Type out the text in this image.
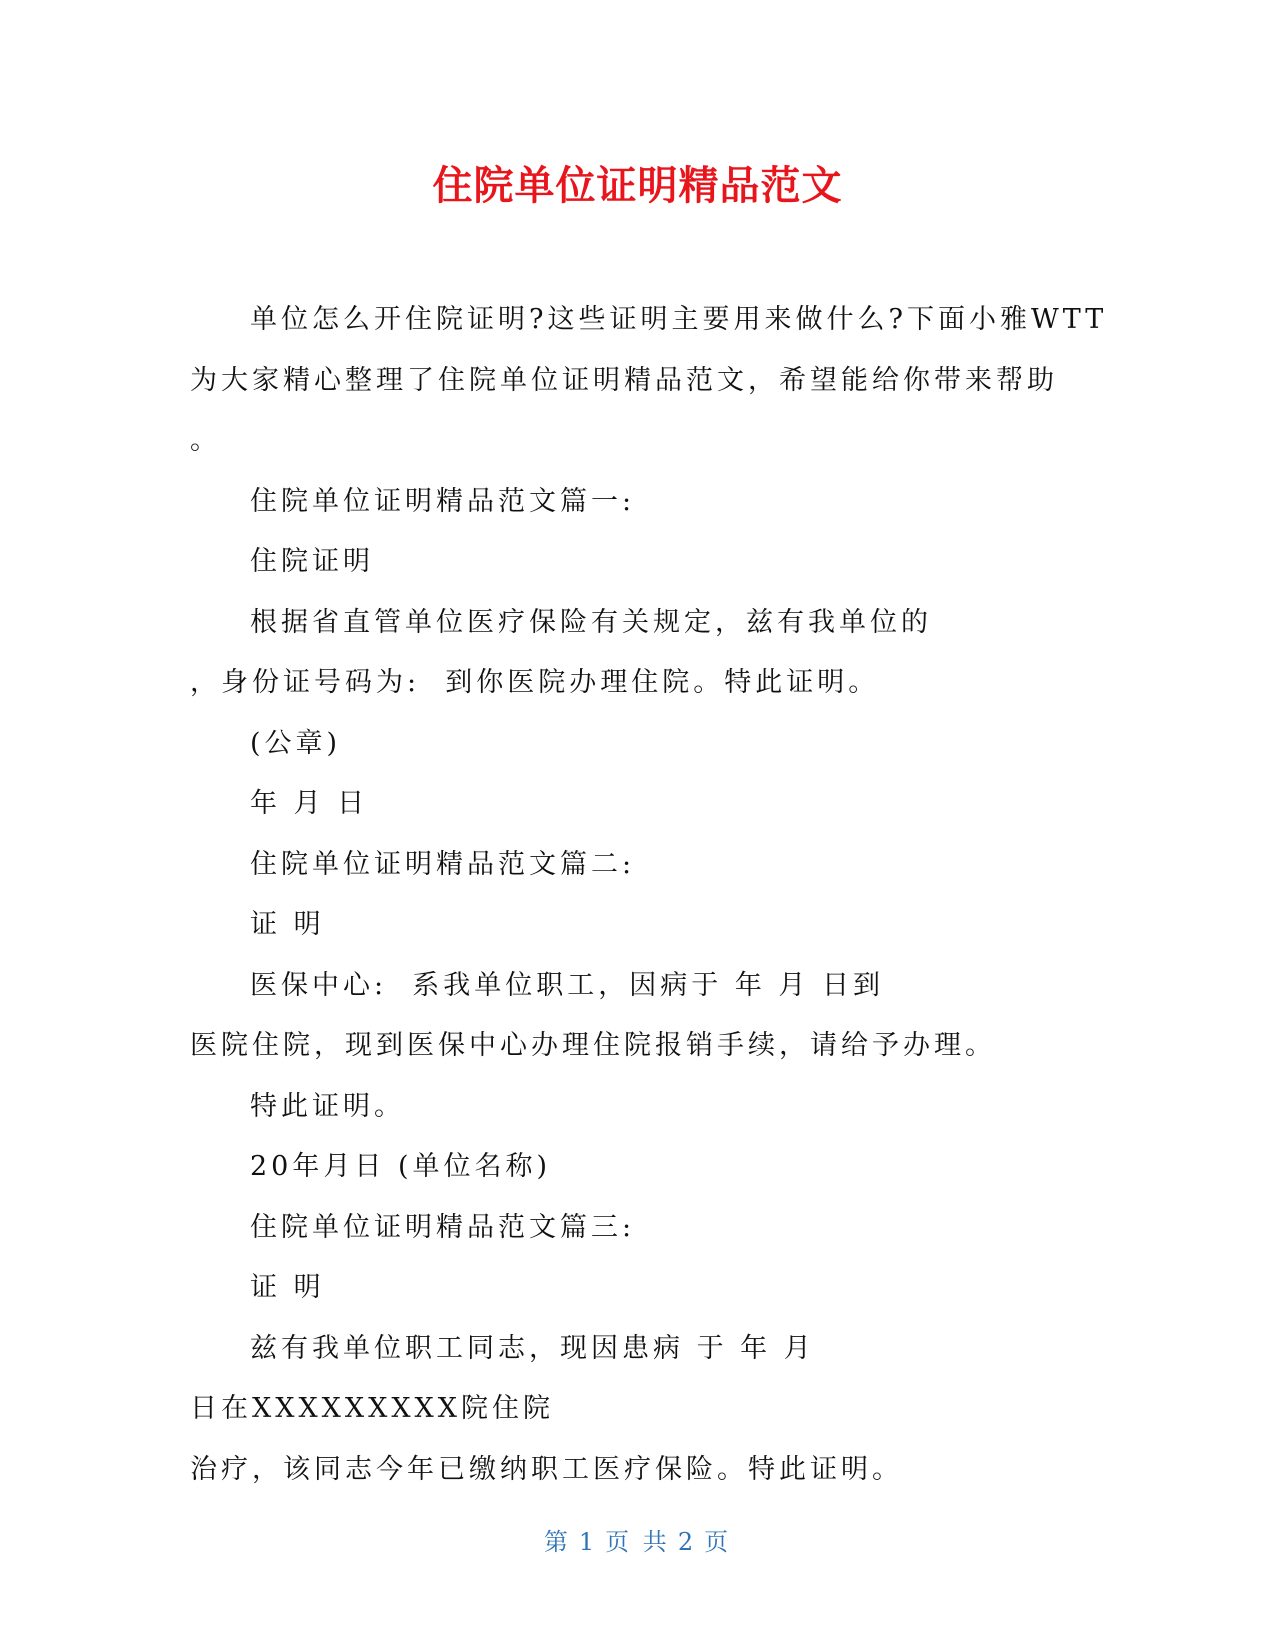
住院单位证明精品范文
单位怎么开住院证明?这些证明主要用来做什么?下面小雅WTT
为大家精心整理了住院单位证明精品范文，希望能给你带来帮助
。
住院单位证明精品范文篇一:
住院证明
根据省直管单位医疗保险有关规定，兹有我单位的
，身份证号码为:  到你医院办理住院。特此证明。
(公章)
年 月 日
住院单位证明精品范文篇二:
证 明
医保中心:  系我单位职工，因病于 年 月 日到
医院住院，现到医保中心办理住院报销手续，请给予办理。
特此证明。
20年月日 (单位名称)
住院单位证明精品范文篇三:
证 明
兹有我单位职工同志，现因患病 于 年 月
日在XXXXXXXXX院住院
治疗，该同志今年已缴纳职工医疗保险。特此证明。
第 1 页 共 2 页
